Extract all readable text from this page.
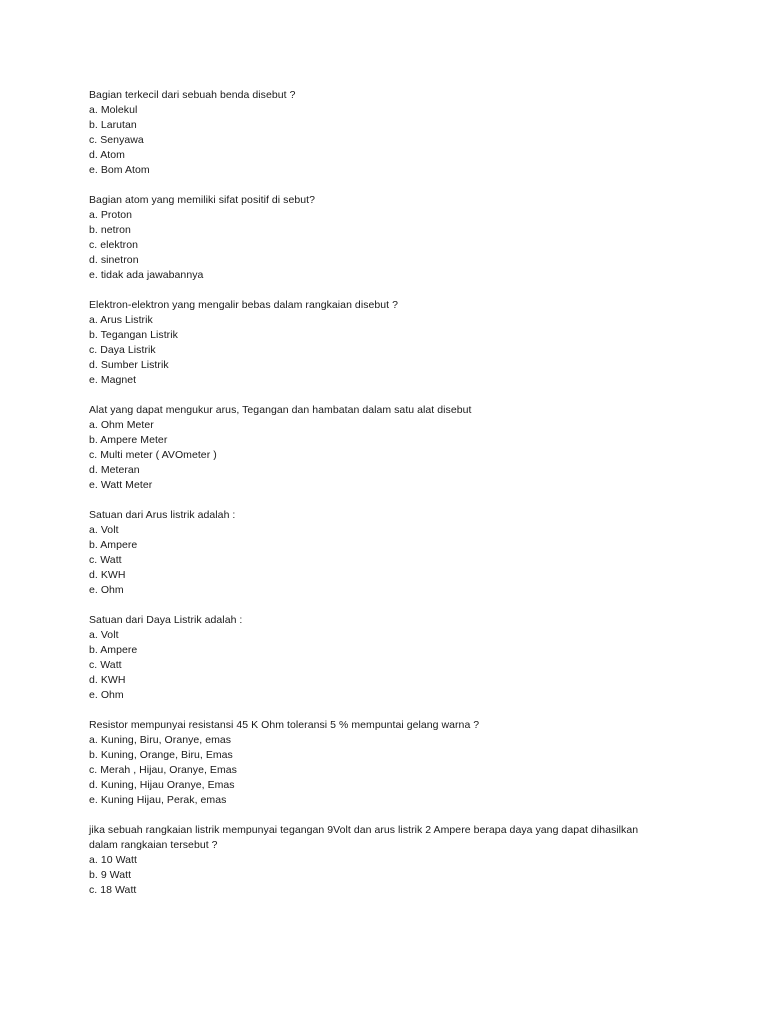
Bagian terkecil dari sebuah benda disebut ?
a. Molekul
b. Larutan
c. Senyawa
d. Atom
e. Bom Atom
Bagian atom yang memiliki sifat positif di sebut?
a. Proton
b. netron
c. elektron
d. sinetron
e. tidak ada jawabannya
Elektron-elektron yang mengalir bebas dalam rangkaian disebut ?
a. Arus Listrik
b. Tegangan Listrik
c. Daya Listrik
d. Sumber Listrik
e. Magnet
Alat yang dapat mengukur arus, Tegangan dan hambatan dalam satu alat disebut
a. Ohm Meter
b. Ampere Meter
c. Multi meter ( AVOmeter )
d. Meteran
e. Watt Meter
Satuan dari Arus listrik adalah :
a. Volt
b. Ampere
c. Watt
d. KWH
e. Ohm
Satuan dari Daya Listrik adalah :
a. Volt
b. Ampere
c. Watt
d. KWH
e. Ohm
Resistor mempunyai resistansi 45 K Ohm toleransi 5 % mempuntai gelang warna ?
a. Kuning, Biru, Oranye, emas
b. Kuning, Orange, Biru, Emas
c. Merah , Hijau, Oranye, Emas
d. Kuning, Hijau Oranye, Emas
e. Kuning Hijau, Perak, emas
jika sebuah rangkaian listrik mempunyai tegangan 9Volt dan arus listrik 2 Ampere berapa daya yang dapat dihasilkan
dalam rangkaian tersebut ?
a. 10 Watt
b. 9 Watt
c. 18 Watt
